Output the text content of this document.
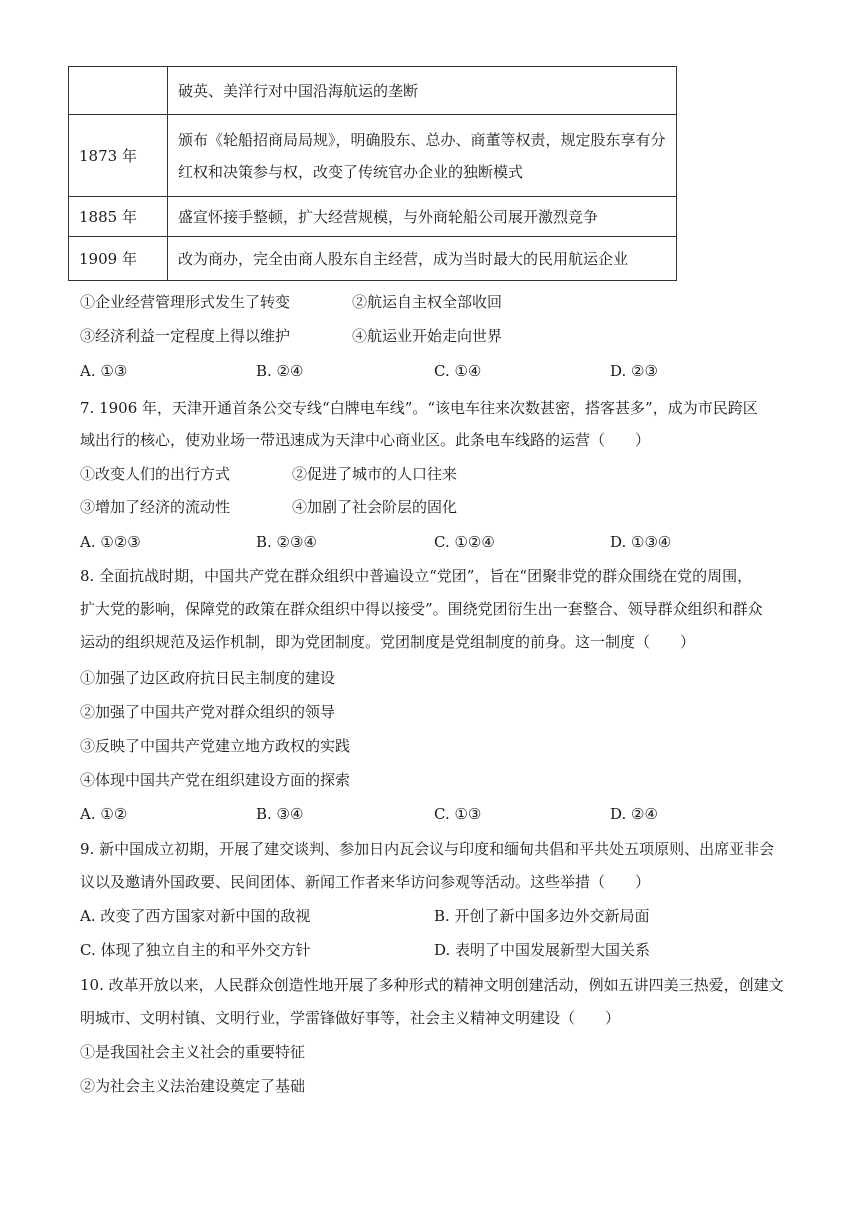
	破英、美洋行对中国沿海航运的垄断
1873 年	颁布《轮船招商局局规》，明确股东、总办、商董等权责，规定股东享有分
红权和决策参与权，改变了传统官办企业的独断模式

1885 年	盛宣怀接手整顿，扩大经营规模，与外商轮船公司展开激烈竞争
1909 年	改为商办，完全由商人股东自主经营，成为当时最大的民用航运企业
①企业经营管理形式发生了转变	②航运自主权全部收回
③经济利益一定程度上得以维护	④航运业开始走向世界
A. ①③	B. ②④	C. ①④	D. ②③
7. 1906 年，天津开通首条公交专线“白牌电车线”。“该电车往来次数甚密，搭客甚多”，成为市民跨区
域出行的核心，使劝业场一带迅速成为天津中心商业区。此条电车线路的运营（　　）
①改变人们的出行方式	②促进了城市的人口往来
③增加了经济的流动性	④加剧了社会阶层的固化
A. ①②③	B. ②③④	C. ①②④	D. ①③④
8. 全面抗战时期，中国共产党在群众组织中普遍设立“党团”，旨在“团聚非党的群众围绕在党的周围，
扩大党的影响，保障党的政策在群众组织中得以接受”。围绕党团衍生出一套整合、领导群众组织和群众
运动的组织规范及运作机制，即为党团制度。党团制度是党组制度的前身。这一制度（　　）
①加强了边区政府抗日民主制度的建设
②加强了中国共产党对群众组织的领导
③反映了中国共产党建立地方政权的实践
④体现中国共产党在组织建设方面的探索
A. ①②	B. ③④	C. ①③	D. ②④
9. 新中国成立初期，开展了建交谈判、参加日内瓦会议与印度和缅甸共倡和平共处五项原则、出席亚非会
议以及邀请外国政要、民间团体、新闻工作者来华访问参观等活动。这些举措（　　）
A. 改变了西方国家对新中国的敌视	B. 开创了新中国多边外交新局面
C. 体现了独立自主的和平外交方针	D. 表明了中国发展新型大国关系
10. 改革开放以来，人民群众创造性地开展了多种形式的精神文明创建活动，例如五讲四美三热爱，创建文
明城市、文明村镇、文明行业，学雷锋做好事等，社会主义精神文明建设（　　）
①是我国社会主义社会的重要特征
②为社会主义法治建设奠定了基础
